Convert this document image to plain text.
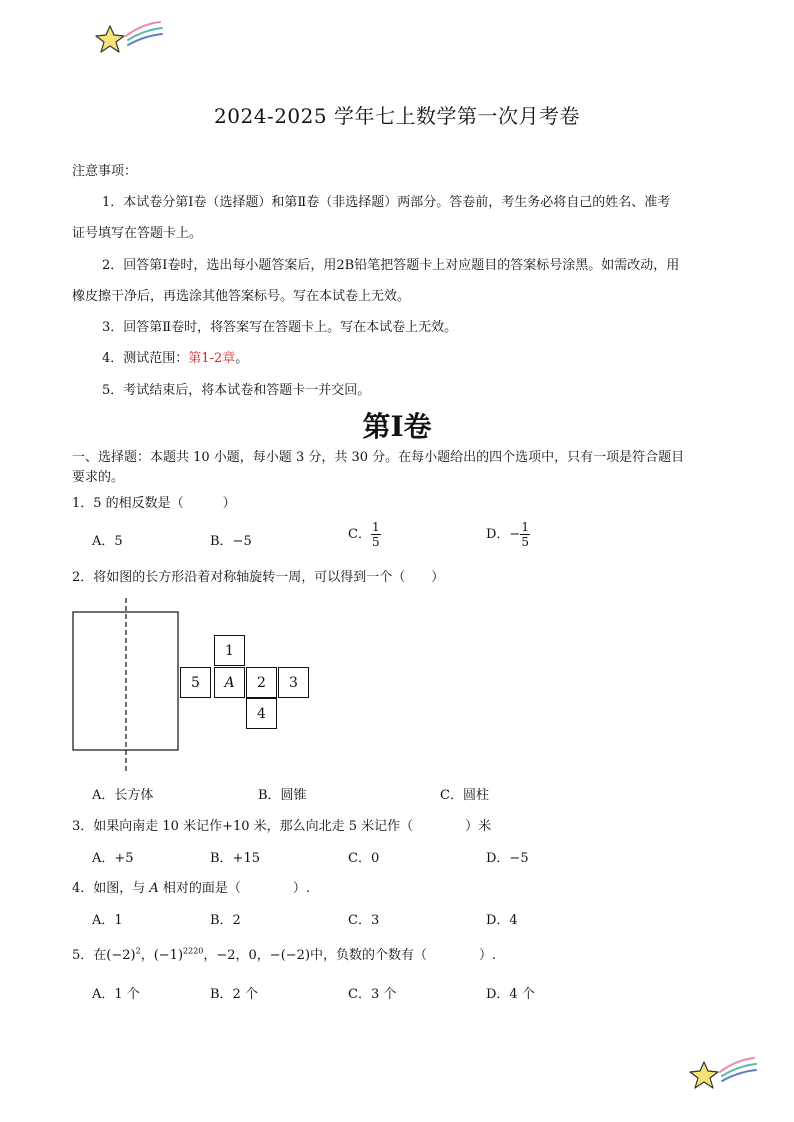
2024-2025 学年七上数学第一次月考卷
注意事项：
1．本试卷分第Ⅰ卷（选择题）和第Ⅱ卷（非选择题）两部分。答卷前，考生务必将自己的姓名、准考
证号填写在答题卡上。
2．回答第Ⅰ卷时，选出每小题答案后，用2B铅笔把答题卡上对应题目的答案标号涂黑。如需改动，用
橡皮擦干净后，再选涂其他答案标号。写在本试卷上无效。
3．回答第Ⅱ卷时，将答案写在答题卡上。写在本试卷上无效。
4．测试范围：第1-2章。
5．考试结束后，将本试卷和答题卡一并交回。
第Ⅰ卷
一、选择题：本题共 10 小题，每小题 3 分，共 30 分。在每小题给出的四个选项中，只有一项是符合题目
要求的。
1．5 的相反数是（　　　）
A．5	B．−5	C． $\frac{1}{5}$	D．− $\frac{1}{5}$
2．将如图的长方形沿着对称轴旋转一周，可以得到一个（　　）
1
5	A	2	3
4
A．长方体	B．圆锥	C．圆柱
3．如果向南走 10 米记作+10 米，那么向北走 5 米记作（　　　　）米
A．+5	B．+15	C．0	D．−5
4．如图，与 A 相对的面是（　　　　）.
A．1	B．2	C．3	D．4
5．在$(-2)^2$，$(-1)^{2220}$，−2，0，−(−2)中，负数的个数有（　　　　）.
A．1 个	B．2 个	C．3 个	D．4 个
